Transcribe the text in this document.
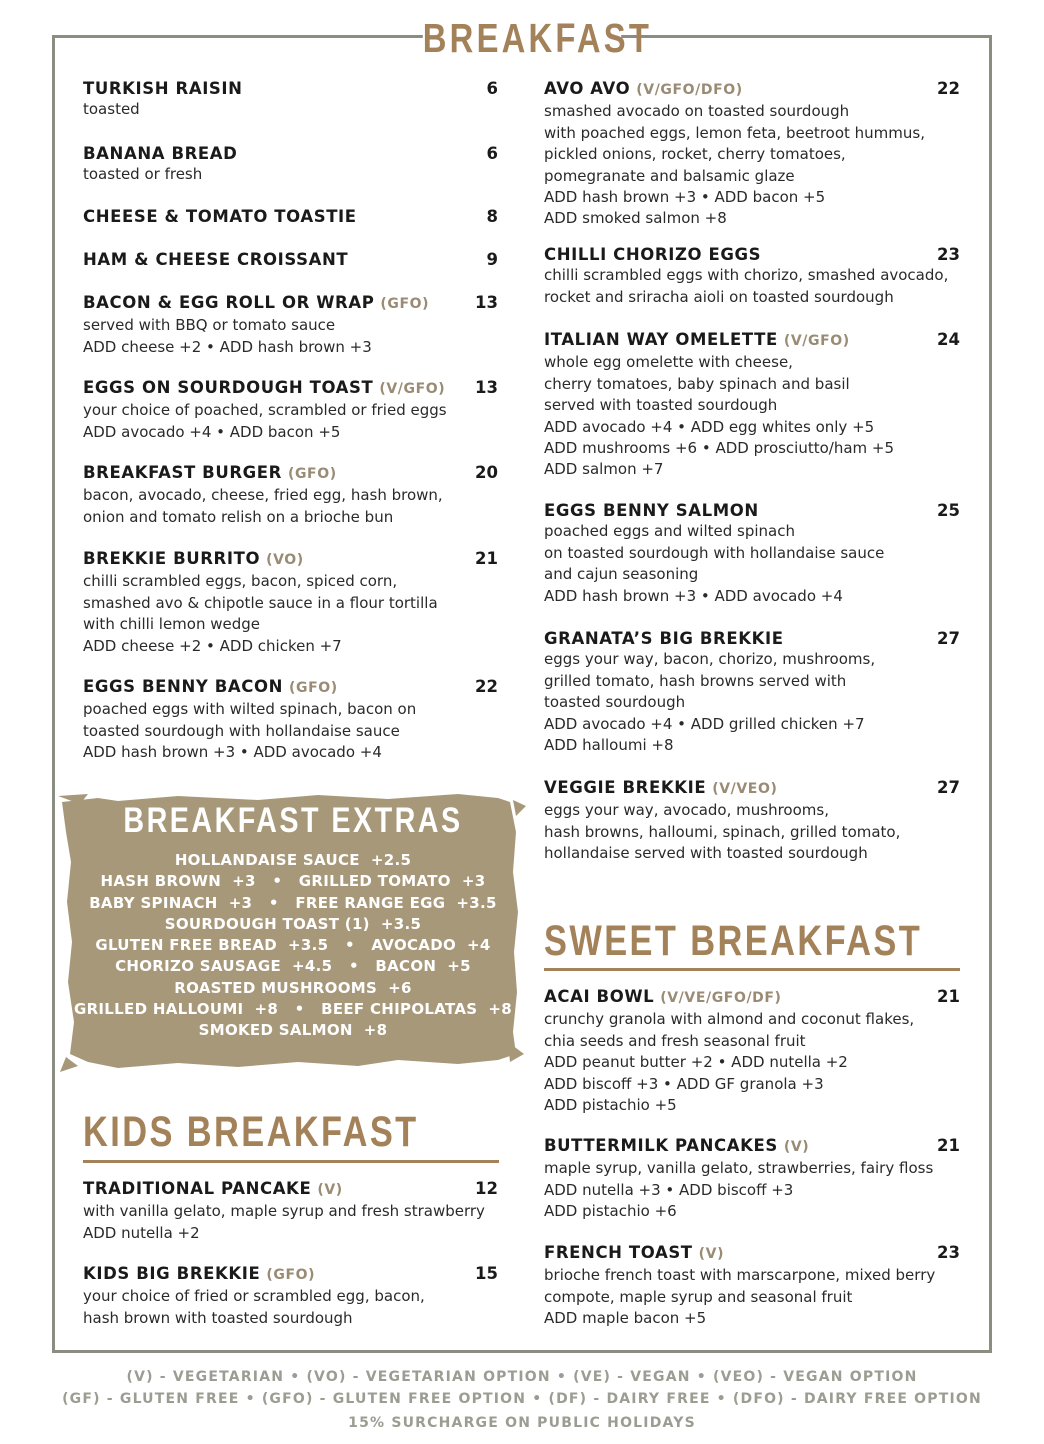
BREAKFAST
TURKISH RAISIN	6
toasted
BANANA BREAD	6
toasted or fresh
CHEESE & TOMATO TOASTIE	8
HAM & CHEESE CROISSANT	9
BACON & EGG ROLL OR WRAP (GFO)	13
served with BBQ or tomato sauce
ADD cheese +2 • ADD hash brown +3
EGGS ON SOURDOUGH TOAST (V/GFO) 13
your choice of poached, scrambled or fried eggs
ADD avocado +4 • ADD bacon +5
BREAKFAST BURGER (GFO)	20
bacon, avocado, cheese, fried egg, hash brown,
onion and tomato relish on a brioche bun
BREKKIE BURRITO (VO)	21
chilli scrambled eggs, bacon, spiced corn,
smashed avo & chipotle sauce in a flour tortilla
with chilli lemon wedge
ADD cheese +2 • ADD chicken +7
EGGS BENNY BACON (GFO)	22
poached eggs with wilted spinach, bacon on
toasted sourdough with hollandaise sauce
ADD hash brown +3 • ADD avocado +4
AVO AVO (V/GFO/DFO)	22
smashed avocado on toasted sourdough
with poached eggs, lemon feta, beetroot hummus,
pickled onions, rocket, cherry tomatoes,
pomegranate and balsamic glaze
ADD hash brown +3 • ADD bacon +5
ADD smoked salmon +8
CHILLI CHORIZO EGGS	23
chilli scrambled eggs with chorizo, smashed avocado,
rocket and sriracha aioli on toasted sourdough
ITALIAN WAY OMELETTE (V/GFO)	24
whole egg omelette with cheese,
cherry tomatoes, baby spinach and basil
served with toasted sourdough
ADD avocado +4 • ADD egg whites only +5
ADD mushrooms +6 • ADD prosciutto/ham +5
ADD salmon +7
EGGS BENNY SALMON	25
poached eggs and wilted spinach
on toasted sourdough with hollandaise sauce
and cajun seasoning
ADD hash brown +3 • ADD avocado +4
GRANATA’S BIG BREKKIE	27
eggs your way, bacon, chorizo, mushrooms,
grilled tomato, hash browns served with
toasted sourdough
ADD avocado +4 • ADD grilled chicken +7
ADD halloumi +8
VEGGIE BREKKIE (V/VEO)	27
eggs your way, avocado, mushrooms,
hash browns, halloumi, spinach, grilled tomato,
hollandaise served with toasted sourdough
BREAKFAST EXTRAS
HOLLANDAISE SAUCE  +2.5
HASH BROWN  +3   •   GRILLED TOMATO  +3
BABY SPINACH  +3   •   FREE RANGE EGG  +3.5
SOURDOUGH TOAST (1)  +3.5
GLUTEN FREE BREAD  +3.5   •   AVOCADO  +4
CHORIZO SAUSAGE  +4.5   •   BACON  +5
ROASTED MUSHROOMS  +6
GRILLED HALLOUMI  +8   •   BEEF CHIPOLATAS  +8
SMOKED SALMON  +8
KIDS BREAKFAST
TRADITIONAL PANCAKE (V)	12
with vanilla gelato, maple syrup and fresh strawberry
ADD nutella +2
KIDS BIG BREKKIE (GFO)	15
your choice of fried or scrambled egg, bacon,
hash brown with toasted sourdough
SWEET BREAKFAST
ACAI BOWL (V/VE/GFO/DF)	21
crunchy granola with almond and coconut flakes,
chia seeds and fresh seasonal fruit
ADD peanut butter +2 • ADD nutella +2
ADD biscoff +3 • ADD GF granola +3
ADD pistachio +5
BUTTERMILK PANCAKES (V)	21
maple syrup, vanilla gelato, strawberries, fairy floss
ADD nutella +3 • ADD biscoff +3
ADD pistachio +6
FRENCH TOAST (V)	23
brioche french toast with marscarpone, mixed berry
compote, maple syrup and seasonal fruit
ADD maple bacon +5
(V) - VEGETARIAN • (VO) - VEGETARIAN OPTION • (VE) - VEGAN • (VEO) - VEGAN OPTION
(GF) - GLUTEN FREE • (GFO) - GLUTEN FREE OPTION • (DF) - DAIRY FREE • (DFO) - DAIRY FREE OPTION
15% SURCHARGE ON PUBLIC HOLIDAYS
